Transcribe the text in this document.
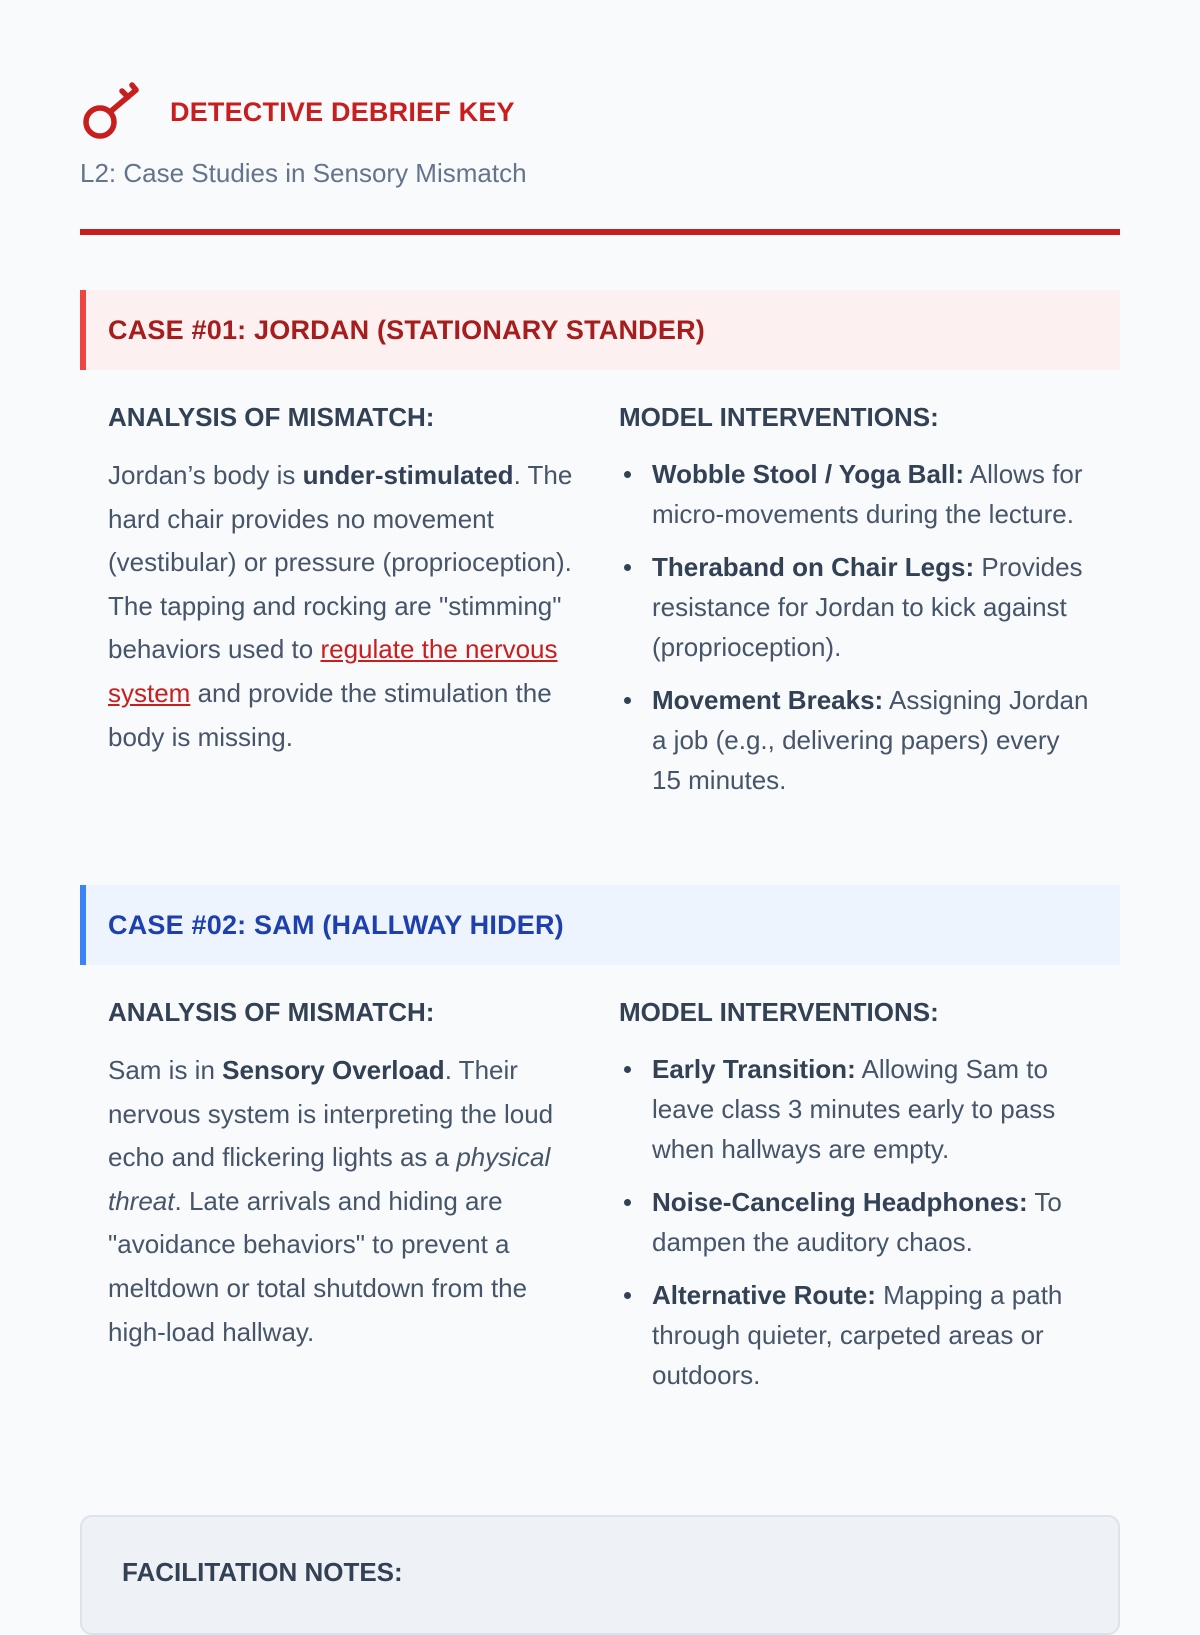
DETECTIVE DEBRIEF KEY
L2: Case Studies in Sensory Mismatch
CASE #01: JORDAN (STATIONARY STANDER)
ANALYSIS OF MISMATCH:

Jordan’s body is under-stimulated. The hard chair provides no movement (vestibular) or pressure (proprioception). The tapping and rocking are "stimming" behaviors used to regulate the nervous system and provide the stimulation the body is missing.

MODEL INTERVENTIONS:
Wobble Stool / Yoga Ball: Allows for micro-movements during the lecture.
Theraband on Chair Legs: Provides resistance for Jordan to kick against (proprioception).
Movement Breaks: Assigning Jordan a job (e.g., delivering papers) every 15 minutes.
CASE #02: SAM (HALLWAY HIDER)
ANALYSIS OF MISMATCH:

Sam is in Sensory Overload. Their nervous system is interpreting the loud echo and flickering lights as a physical threat. Late arrivals and hiding are "avoidance behaviors" to prevent a meltdown or total shutdown from the high-load hallway.

MODEL INTERVENTIONS:
Early Transition: Allowing Sam to leave class 3 minutes early to pass when hallways are empty.
Noise-Canceling Headphones: To dampen the auditory chaos.
Alternative Route: Mapping a path through quieter, carpeted areas or outdoors.
FACILITATION NOTES:
